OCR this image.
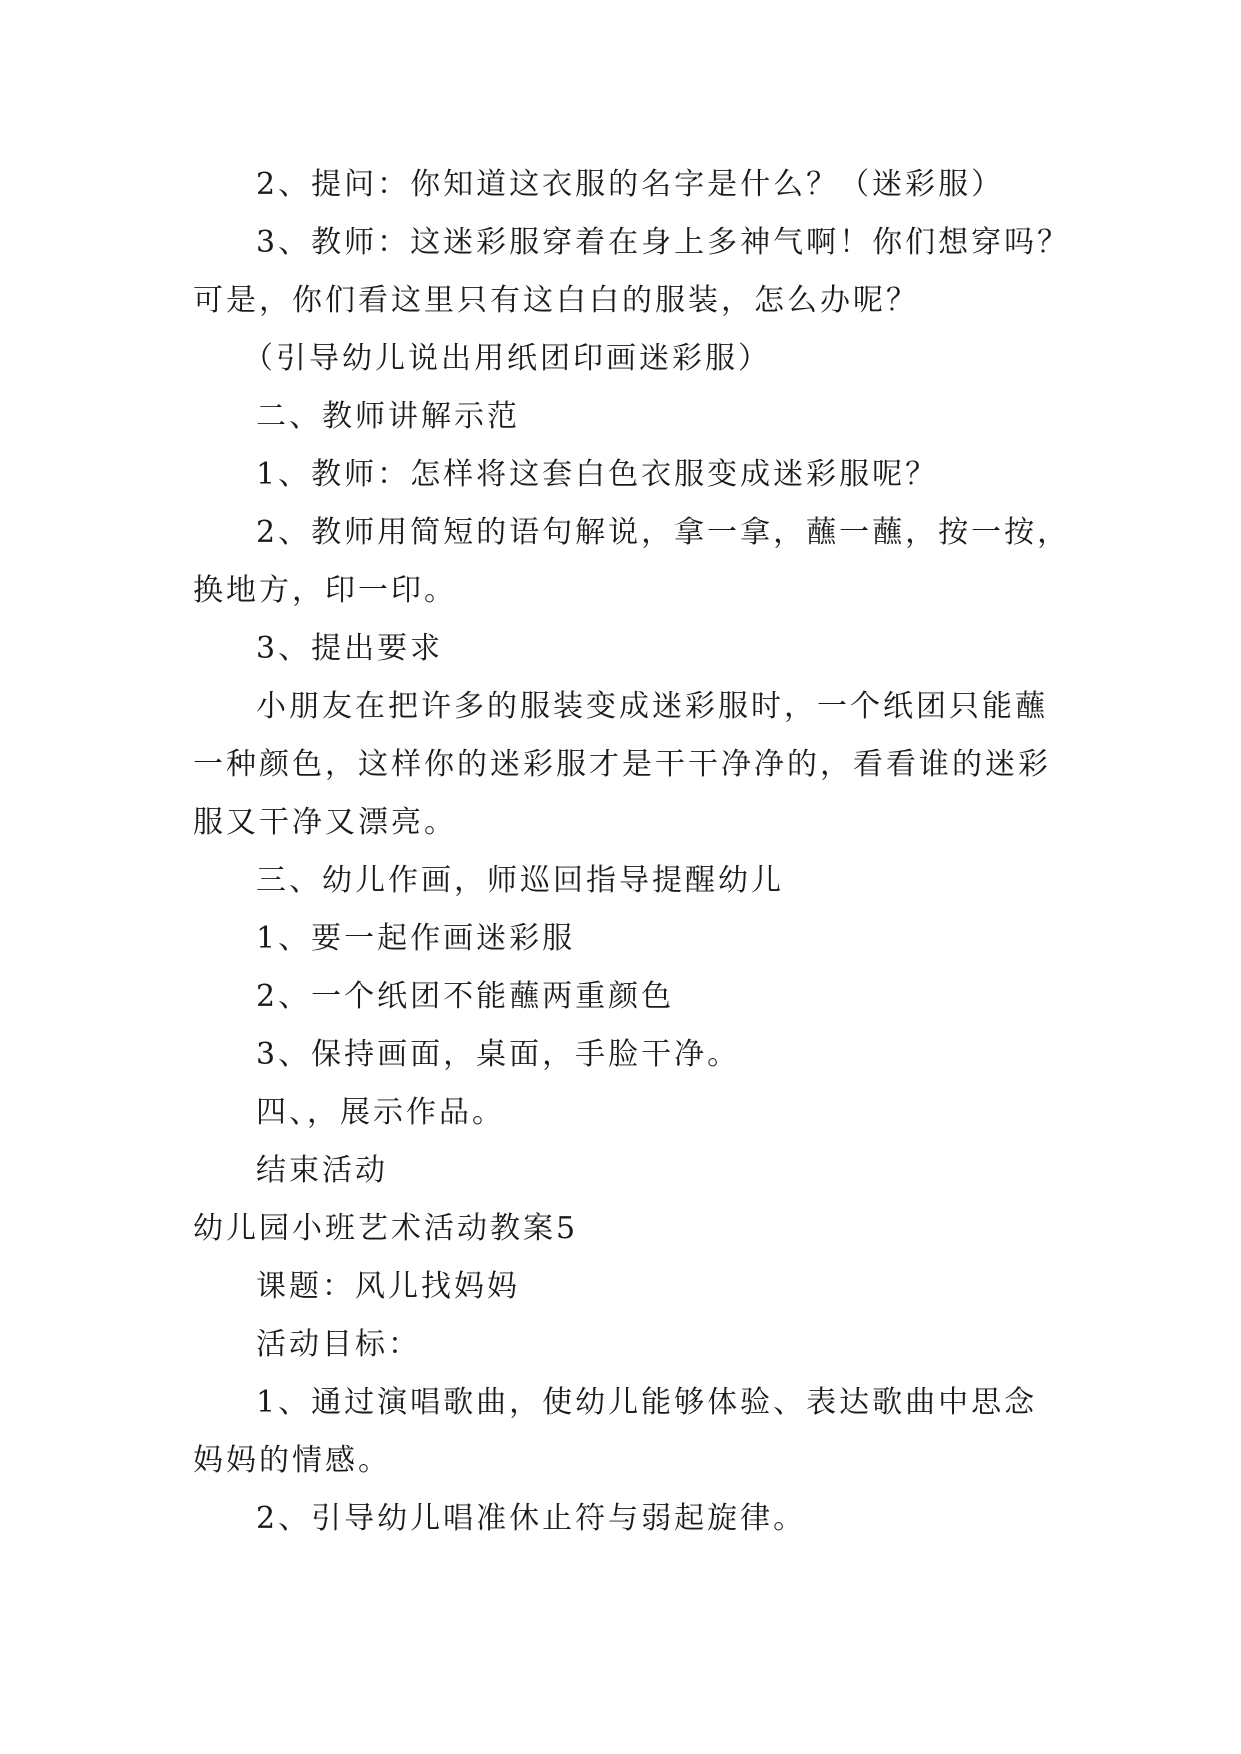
2、提问：你知道这衣服的名字是什么？（迷彩服）
3、教师：这迷彩服穿着在身上多神气啊！你们想穿吗？
可是，你们看这里只有这白白的服装，怎么办呢？
（引导幼儿说出用纸团印画迷彩服）
二、教师讲解示范
1、教师：怎样将这套白色衣服变成迷彩服呢？
2、教师用简短的语句解说，拿一拿，蘸一蘸，按一按，
换地方，印一印。
3、提出要求
小朋友在把许多的服装变成迷彩服时，一个纸团只能蘸
一种颜色，这样你的迷彩服才是干干净净的，看看谁的迷彩
服又干净又漂亮。
三、幼儿作画，师巡回指导提醒幼儿
1、要一起作画迷彩服
2、一个纸团不能蘸两重颜色
3、保持画面，桌面，手脸干净。
四、，展示作品。
结束活动
幼儿园小班艺术活动教案5
课题：风儿找妈妈
活动目标：
1、通过演唱歌曲，使幼儿能够体验、表达歌曲中思念
妈妈的情感。
2、引导幼儿唱准休止符与弱起旋律。
